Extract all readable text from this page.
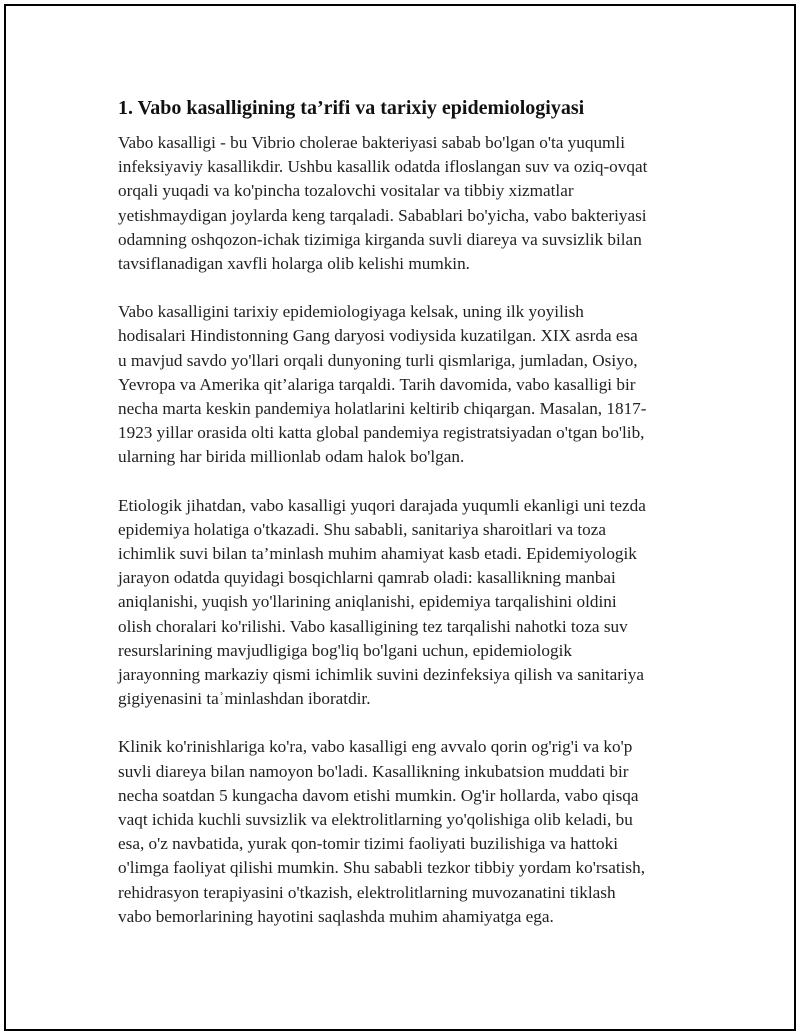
1. Vabo kasalligining ta’rifi va tarixiy epidemiologiyasi

Vabo kasalligi - bu Vibrio cholerae bakteriyasi sabab bo'lgan o'ta yuqumli
infeksiyaviy kasallikdir. Ushbu kasallik odatda ifloslangan suv va oziq-ovqat
orqali yuqadi va ko'pincha tozalovchi vositalar va tibbiy xizmatlar
yetishmaydigan joylarda keng tarqaladi. Sabablari bo'yicha, vabo bakteriyasi
odamning oshqozon-ichak tizimiga kirganda suvli diareya va suvsizlik bilan
tavsiflanadigan xavfli holarga olib kelishi mumkin.

Vabo kasalligini tarixiy epidemiologiyaga kelsak, uning ilk yoyilish
hodisalari Hindistonning Gang daryosi vodiysida kuzatilgan. XIX asrda esa
u mavjud savdo yo'llari orqali dunyoning turli qismlariga, jumladan, Osiyo,
Yevropa va Amerika qit’alariga tarqaldi. Tarih davomida, vabo kasalligi bir
necha marta keskin pandemiya holatlarini keltirib chiqargan. Masalan, 1817-
1923 yillar orasida olti katta global pandemiya registratsiyadan o'tgan bo'lib,
ularning har birida millionlab odam halok bo'lgan.

Etiologik jihatdan, vabo kasalligi yuqori darajada yuqumli ekanligi uni tezda
epidemiya holatiga o'tkazadi. Shu sababli, sanitariya sharoitlari va toza
ichimlik suvi bilan ta’minlash muhim ahamiyat kasb etadi. Epidemiyologik
jarayon odatda quyidagi bosqichlarni qamrab oladi: kasallikning manbai
aniqlanishi, yuqish yo'llarining aniqlanishi, epidemiya tarqalishini oldini
olish choralari ko'rilishi. Vabo kasalligining tez tarqalishi nahotki toza suv
resurslarining mavjudligiga bog'liq bo'lgani uchun, epidemiologik
jarayonning markaziy qismi ichimlik suvini dezinfeksiya qilish va sanitariya
gigiyenasini taʾminlashdan iboratdir.

Klinik ko'rinishlariga ko'ra, vabo kasalligi eng avvalo qorin og'rig'i va ko'p
suvli diareya bilan namoyon bo'ladi. Kasallikning inkubatsion muddati bir
necha soatdan 5 kungacha davom etishi mumkin. Og'ir hollarda, vabo qisqa
vaqt ichida kuchli suvsizlik va elektrolitlarning yo'qolishiga olib keladi, bu
esa, o'z navbatida, yurak qon-tomir tizimi faoliyati buzilishiga va hattoki
o'limga faoliyat qilishi mumkin. Shu sababli tezkor tibbiy yordam ko'rsatish,
rehidrasyon terapiyasini o'tkazish, elektrolitlarning muvozanatini tiklash
vabo bemorlarining hayotini saqlashda muhim ahamiyatga ega.
